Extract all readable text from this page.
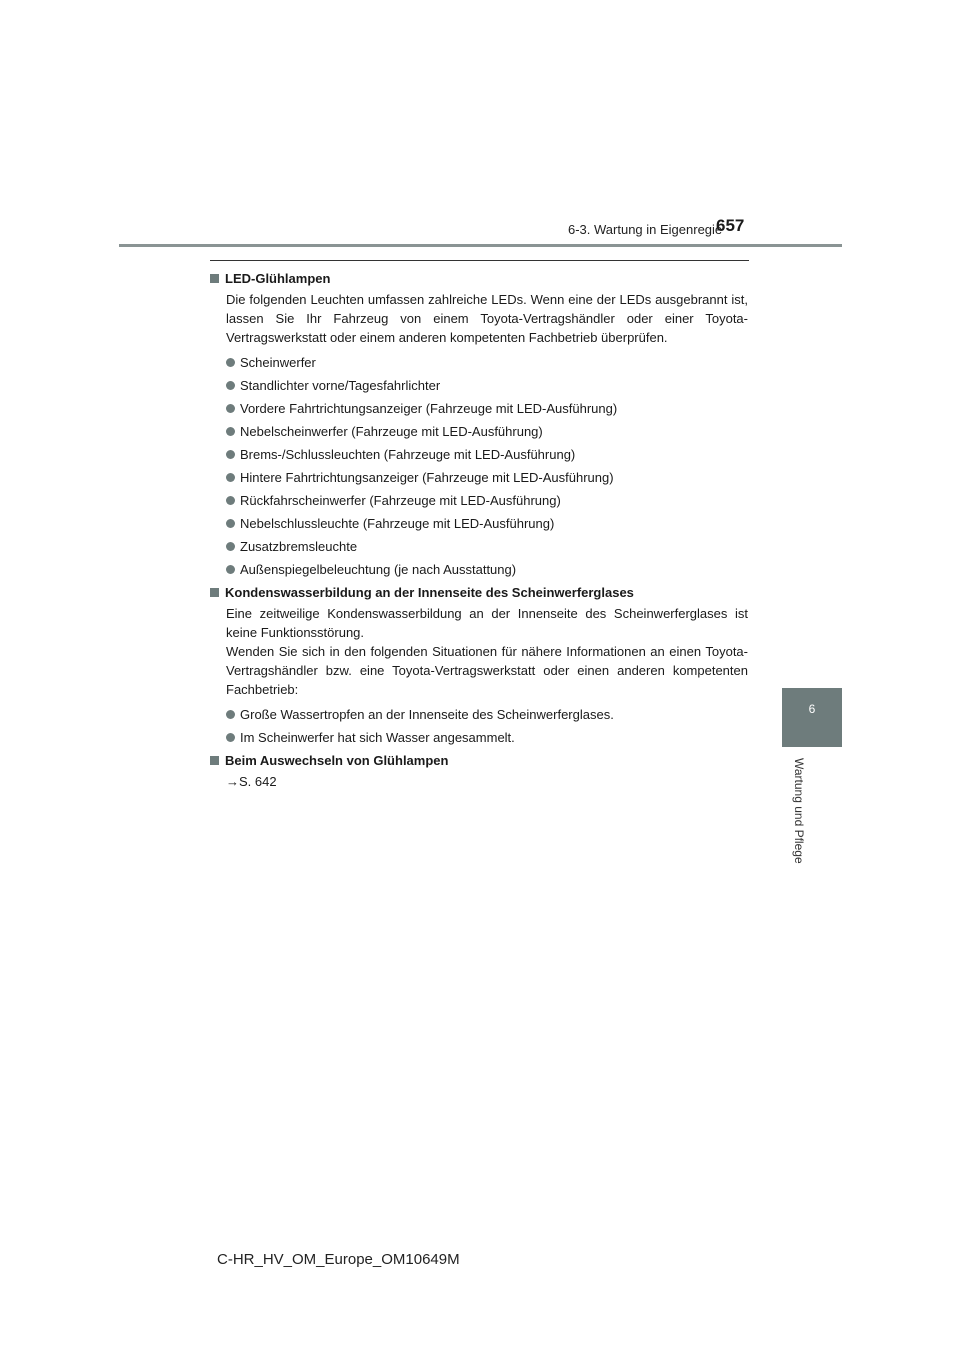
6-3. Wartung in Eigenregie
657
6
Wartung und Pflege
LED-Glühlampen

Die folgenden Leuchten umfassen zahlreiche LEDs. Wenn eine der LEDs ausgebrannt ist, lassen Sie Ihr Fahrzeug von einem Toyota-Vertragshändler oder einer Toyota-Vertragswerkstatt oder einem anderen kompetenten Fachbetrieb überprüfen.

Scheinwerfer
Standlichter vorne/Tagesfahrlichter
Vordere Fahrtrichtungsanzeiger (Fahrzeuge mit LED-Ausführung)
Nebelscheinwerfer (Fahrzeuge mit LED-Ausführung)
Brems-/Schlussleuchten (Fahrzeuge mit LED-Ausführung)
Hintere Fahrtrichtungsanzeiger (Fahrzeuge mit LED-Ausführung)
Rückfahrscheinwerfer (Fahrzeuge mit LED-Ausführung)
Nebelschlussleuchte (Fahrzeuge mit LED-Ausführung)
Zusatzbremsleuchte
Außenspiegelbeleuchtung (je nach Ausstattung)
Kondenswasserbildung an der Innenseite des Scheinwerferglases

Eine zeitweilige Kondenswasserbildung an der Innenseite des Scheinwerferglases ist keine Funktionsstörung.

Wenden Sie sich in den folgenden Situationen für nähere Informationen an einen Toyota-Vertragshändler bzw. eine Toyota-Vertragswerkstatt oder einen anderen kompetenten Fachbetrieb:

Große Wassertropfen an der Innenseite des Scheinwerferglases.
Im Scheinwerfer hat sich Wasser angesammelt.
Beim Auswechseln von Glühlampen
→S. 642
C-HR_HV_OM_Europe_OM10649M
